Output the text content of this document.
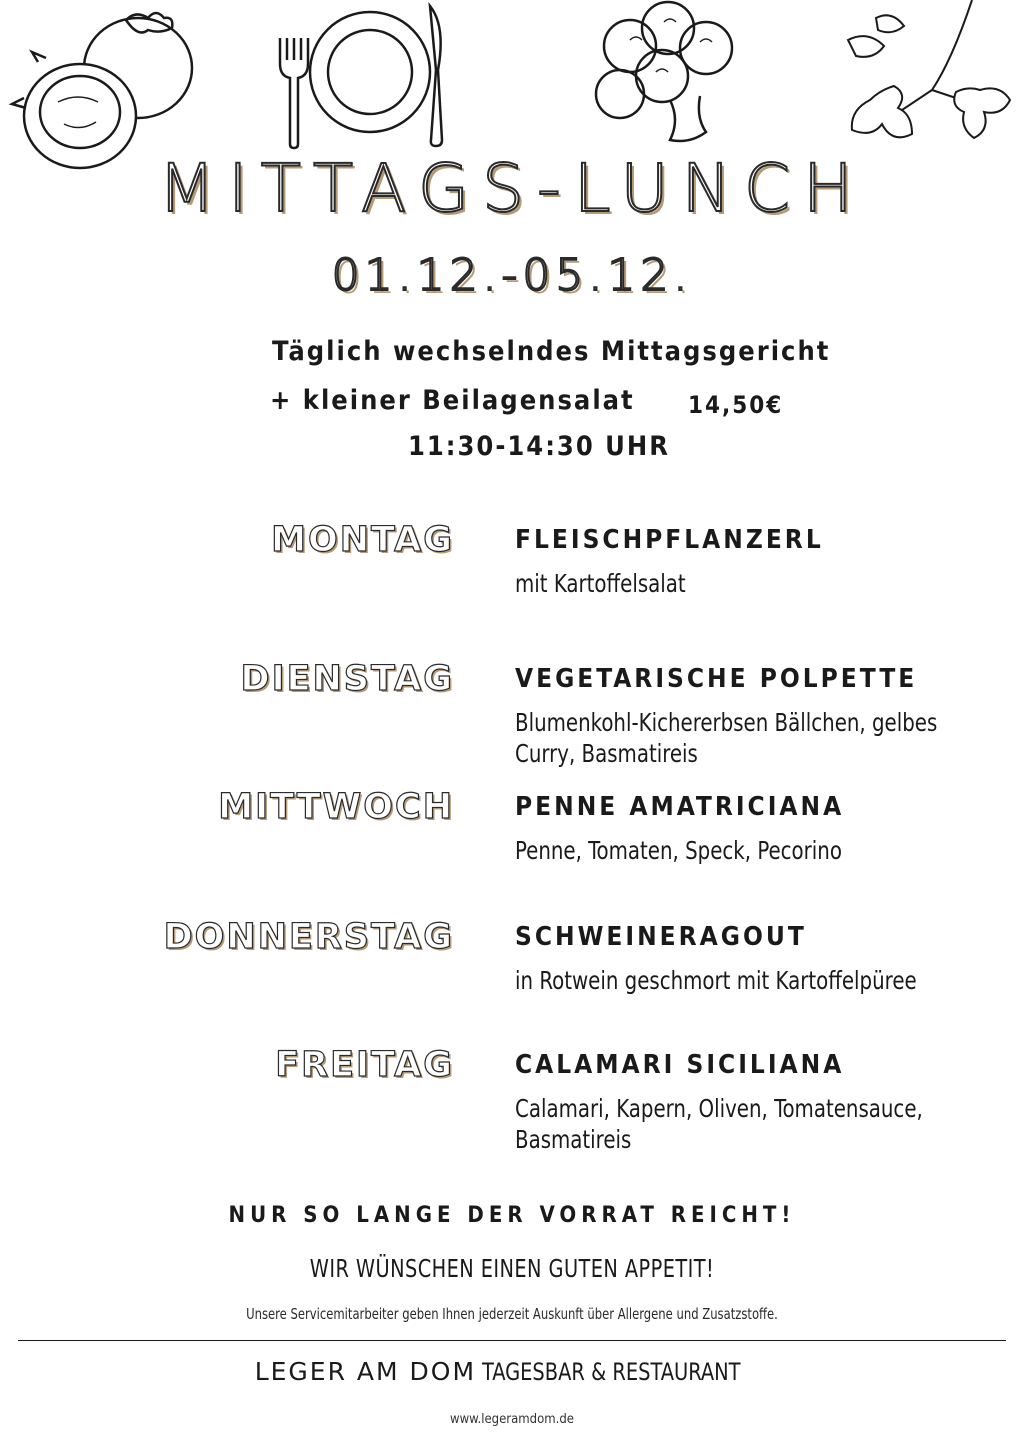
MITTAGS-LUNCH
01.12.-05.12.
Täglich wechselndes Mittagsgericht
+ kleiner Beilagensalat 14,50€
11:30-14:30 UHR
MONTAG FLEISCHPFLANZERL
mit Kartoffelsalat
DIENSTAG VEGETARISCHE POLPETTE
Blumenkohl-Kichererbsen Bällchen, gelbes Curry, Basmatireis
MITTWOCH PENNE AMATRICIANA
Penne, Tomaten, Speck, Pecorino
DONNERSTAG SCHWEINERAGOUT
in Rotwein geschmort mit Kartoffelpüree
FREITAG CALAMARI SICILIANA
Calamari, Kapern, Oliven, Tomatensauce, Basmatireis
NUR SO LANGE DER VORRAT REICHT!
WIR WÜNSCHEN EINEN GUTEN APPETIT!
Unsere Servicemitarbeiter geben Ihnen jederzeit Auskunft über Allergene und Zusatzstoffe.
LEGER AM DOM TAGESBAR & RESTAURANT
www.legeramdom.de
